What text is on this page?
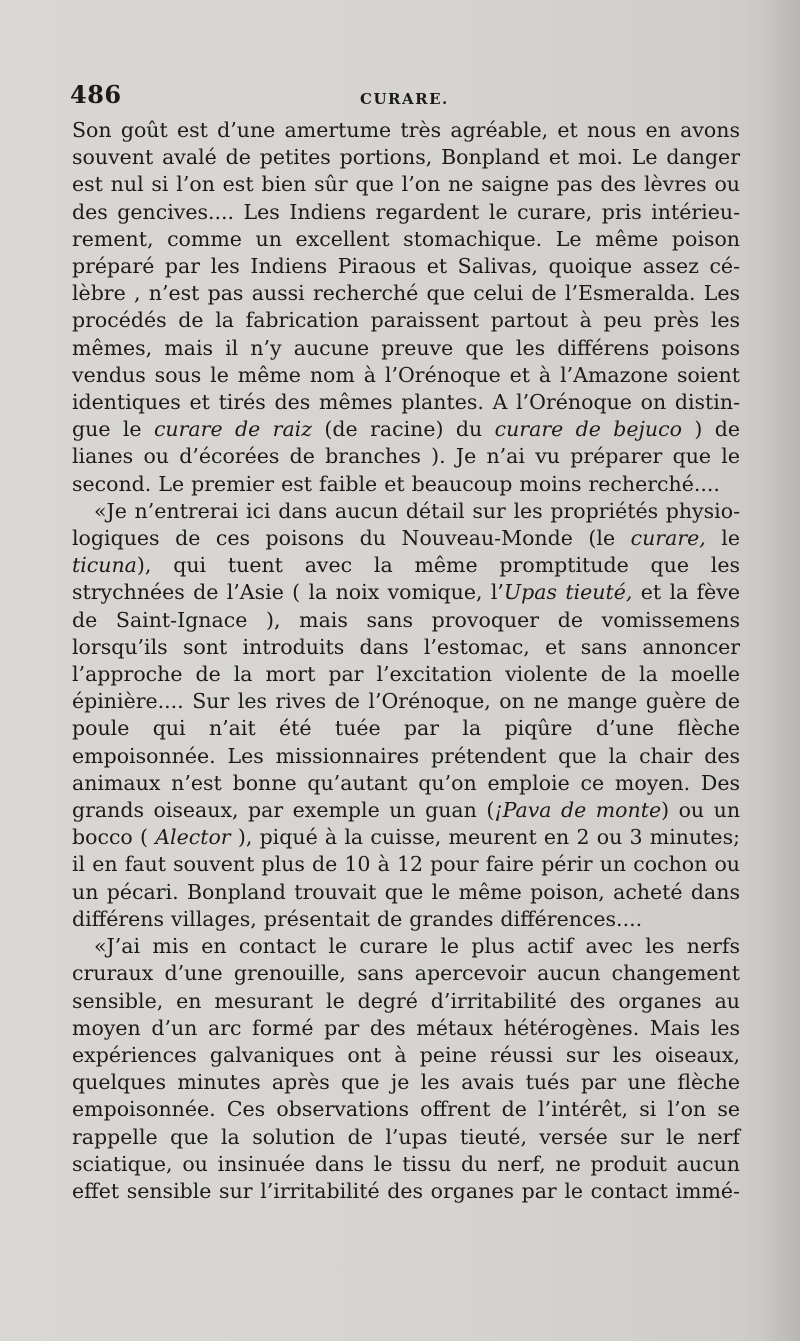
486	CURARE.

Son goût est d’une amertume très agréable, et nous en avons souvent avalé de petites portions, Bonpland et moi. Le danger est nul si l’on est bien sûr que l’on ne saigne pas des lèvres ou des gencives.... Les Indiens regardent le curare, pris intérieurement, comme un excellent stomachique. Le même poison préparé par les Indiens Piraous et Salivas, quoique assez célèbre , n’est pas aussi recherché que celui de l’Esmeralda. Les procédés de la fabrication paraissent partout à peu près les mêmes, mais il n’y aucune preuve que les différens poisons vendus sous le même nom à l’Orénoque et à l’Amazone soient identiques et tirés des mêmes plantes. A l’Orénoque on distingue le curare de raiz (de racine) du curare de bejuco ) de lianes ou d’écorées de branches ). Je n’ai vu préparer que le second. Le premier est faible et beaucoup moins recherché....

«Je n’entrerai ici dans aucun détail sur les propriétés physiologiques de ces poisons du Nouveau-Monde (le curare, le ticuna), qui tuent avec la même promptitude que les strychnées de l’Asie ( la noix vomique, l’Upas tieuté, et la fève de Saint-Ignace ), mais sans provoquer de vomissemens lorsqu’ils sont introduits dans l’estomac, et sans annoncer l’approche de la mort par l’excitation violente de la moelle épinière.... Sur les rives de l’Orénoque, on ne mange guère de poule qui n’ait été tuée par la piqûre d’une flèche empoisonnée. Les missionnaires prétendent que la chair des animaux n’est bonne qu’autant qu’on emploie ce moyen. Des grands oiseaux, par exemple un guan (¡Pava de monte) ou un bocco ( Alector ), piqué à la cuisse, meurent en 2 ou 3 minutes; il en faut souvent plus de 10 à 12 pour faire périr un cochon ou un pécari. Bonpland trouvait que le même poison, acheté dans différens villages, présentait de grandes différences....

«J’ai mis en contact le curare le plus actif avec les nerfs cruraux d’une grenouille, sans apercevoir aucun changement sensible, en mesurant le degré d’irritabilité des organes au moyen d’un arc formé par des métaux hétérogènes. Mais les expériences galvaniques ont à peine réussi sur les oiseaux, quelques minutes après que je les avais tués par une flèche empoisonnée. Ces observations offrent de l’intérêt, si l’on se rappelle que la solution de l’upas tieuté, versée sur le nerf sciatique, ou insinuée dans le tissu du nerf, ne produit aucun effet sensible sur l’irritabilité des organes par le contact immé-
